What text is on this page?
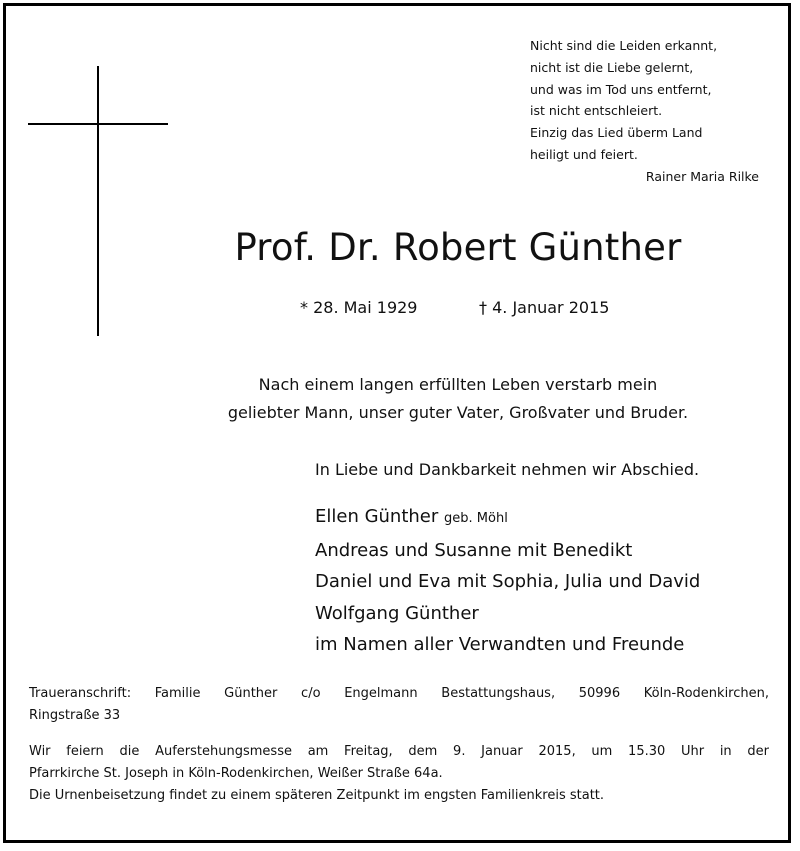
Nicht sind die Leiden erkannt,
nicht ist die Liebe gelernt,
und was im Tod uns entfernt,
ist nicht entschleiert.
Einzig das Lied überm Land
heiligt und feiert.
Rainer Maria Rilke
Prof. Dr. Robert Günther
* 28. Mai 1929	† 4. Januar 2015
Nach einem langen erfüllten Leben verstarb mein
geliebter Mann, unser guter Vater, Großvater und Bruder.
In Liebe und Dankbarkeit nehmen wir Abschied.
Ellen Günther geb. Möhl
Andreas und Susanne mit Benedikt
Daniel und Eva mit Sophia, Julia und David
Wolfgang Günther
im Namen aller Verwandten und Freunde
Traueranschrift: Familie Günther c/o Engelmann Bestattungshaus, 50996 Köln-Rodenkirchen,
Ringstraße 33
Wir feiern die Auferstehungsmesse am Freitag, dem 9. Januar 2015, um 15.30 Uhr in der
Pfarrkirche St. Joseph in Köln-Rodenkirchen, Weißer Straße 64a.
Die Urnenbeisetzung findet zu einem späteren Zeitpunkt im engsten Familienkreis statt.
